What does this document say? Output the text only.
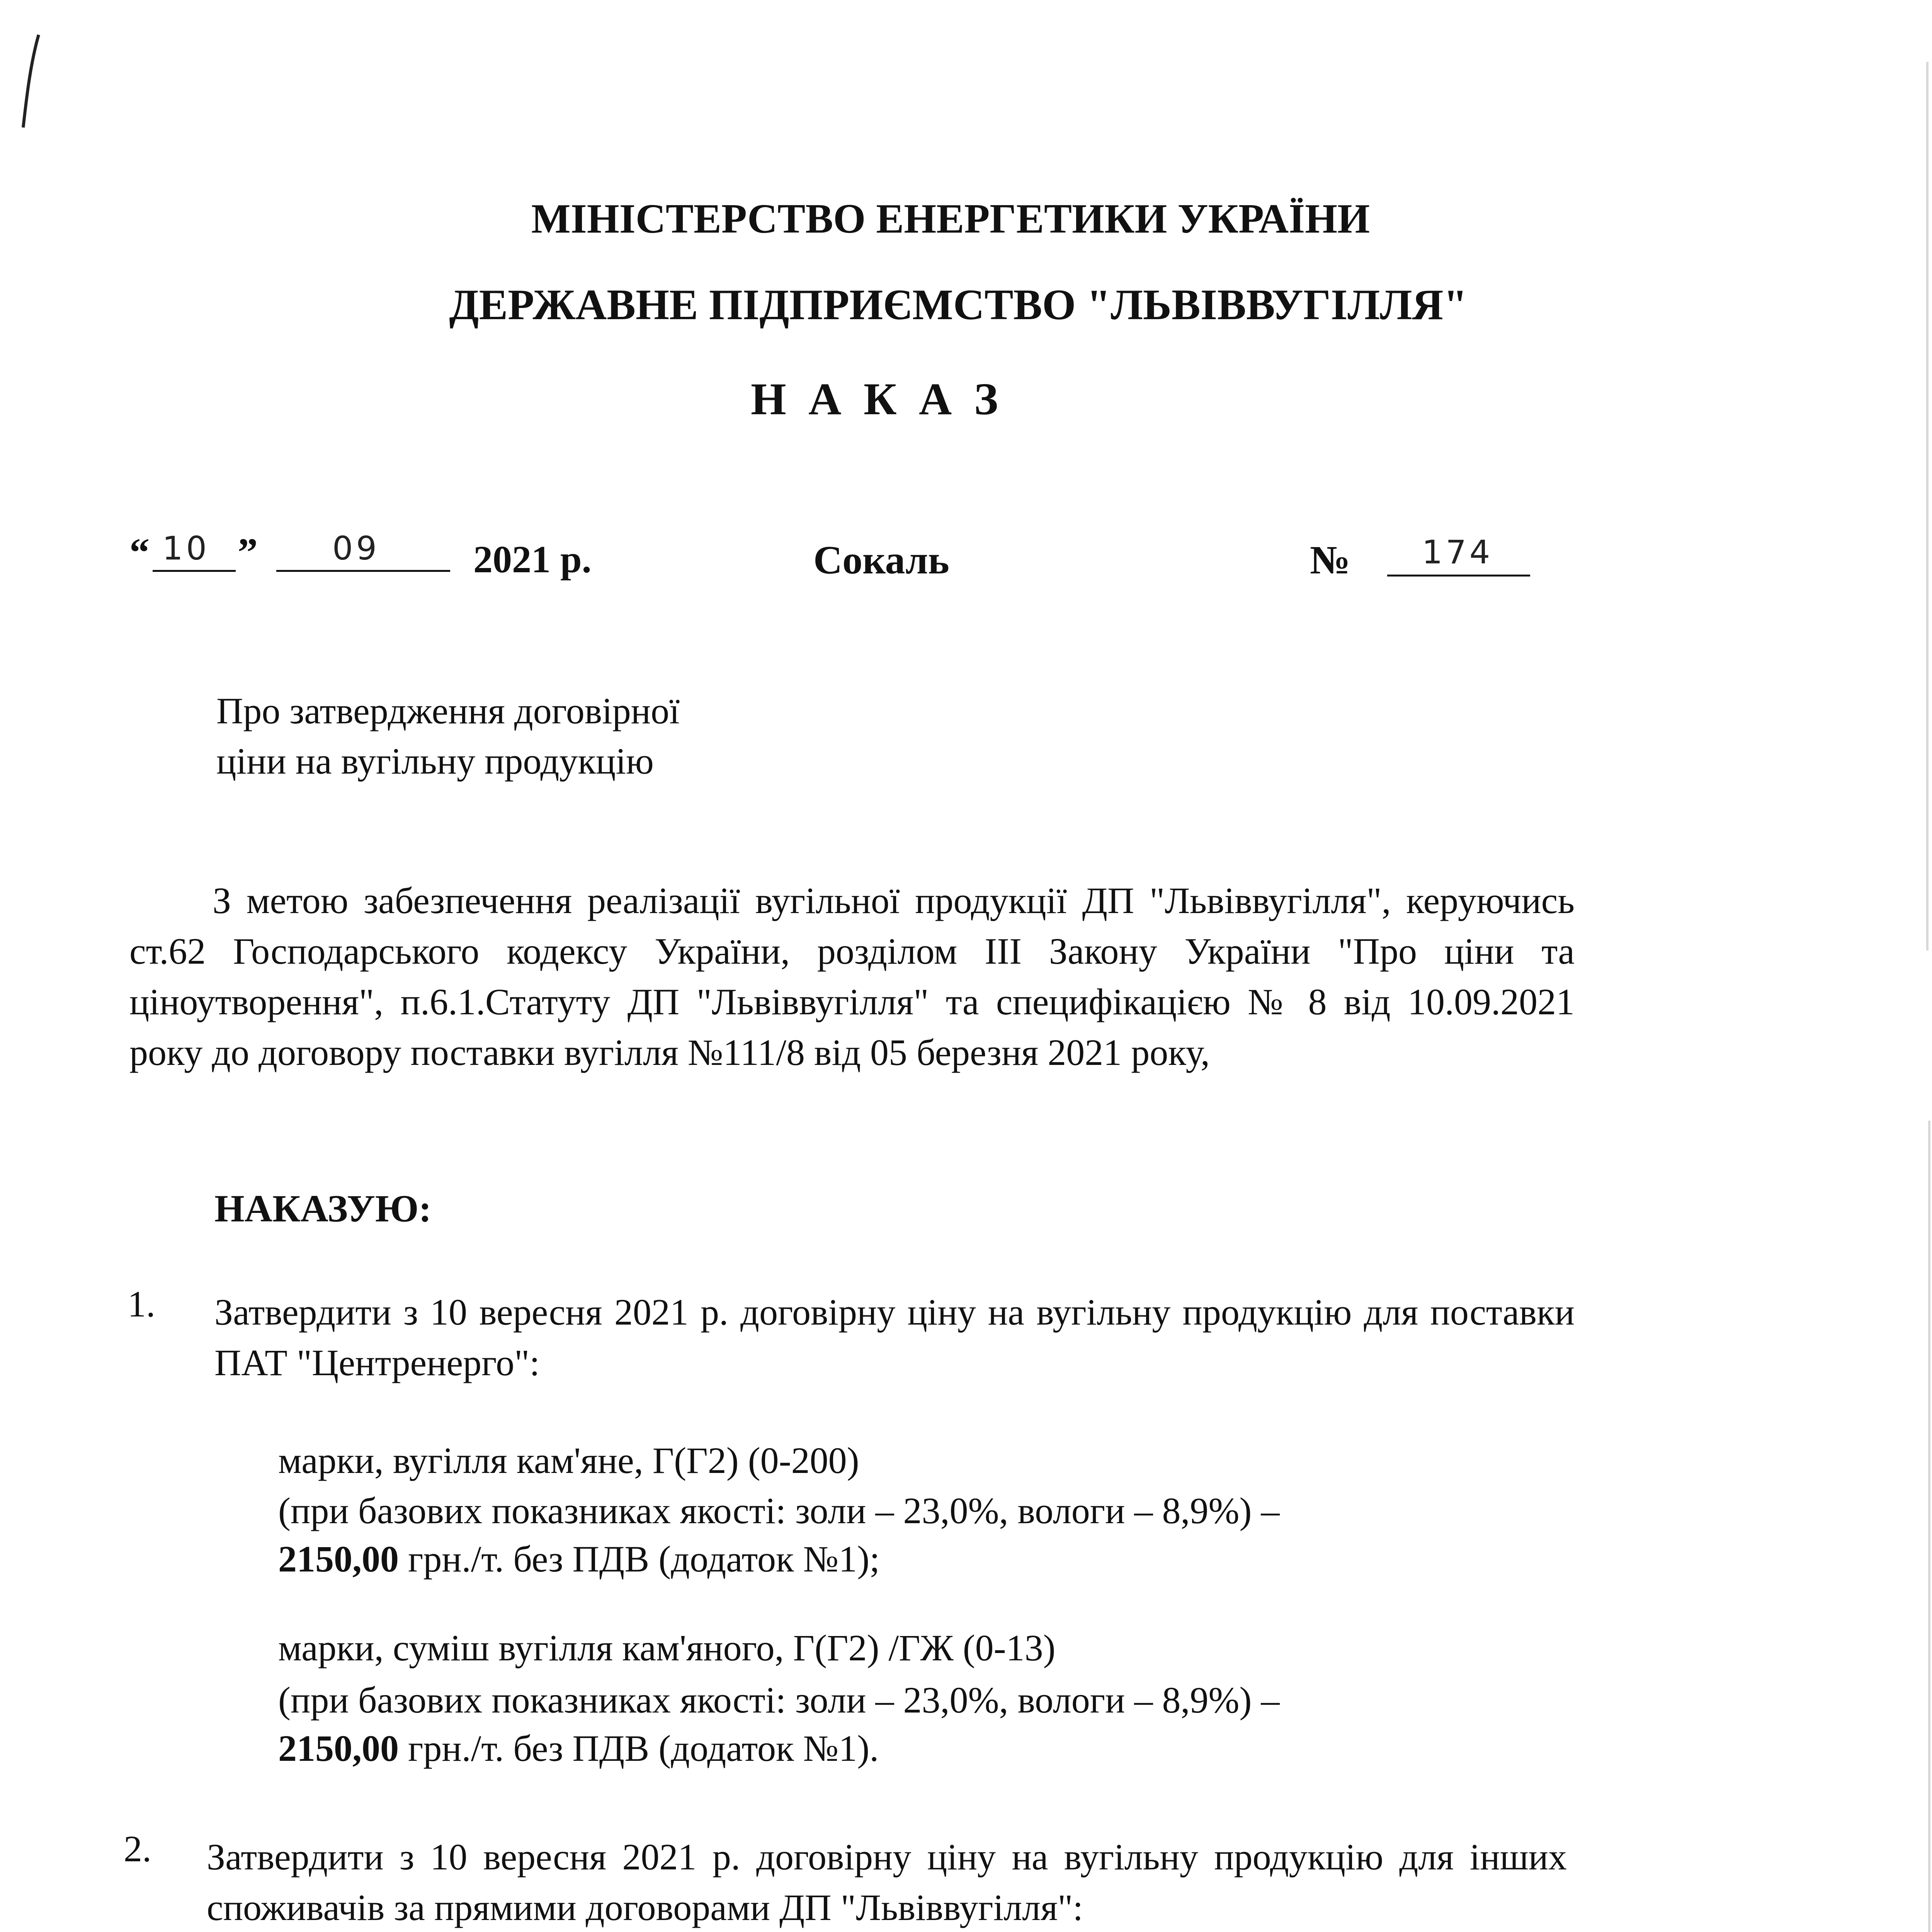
МІНІСТЕРСТВО ЕНЕРГЕТИКИ УКРАЇНИ
ДЕРЖАВНЕ ПІДПРИЄМСТВО "ЛЬВІВВУГІЛЛЯ"
Н А К А З
“ 10 ” 09 2021 р.	Сокаль	№ 174
Про затвердження договірної
ціни на вугільну продукцію
З метою забезпечення реалізації вугільної продукції ДП "Львіввугілля", керуючись ст.62 Господарського кодексу України, розділом ІІІ Закону України "Про ціни та ціноутворення", п.6.1.Статуту ДП "Львіввугілля" та специфікацією № 8 від 10.09.2021 року до договору поставки вугілля №111/8 від 05 березня 2021 року,
НАКАЗУЮ:
1. Затвердити з 10 вересня 2021 р. договірну ціну на вугільну продукцію для поставки ПАТ "Центренерго":
марки, вугілля кам'яне, Г(Г2) (0-200)
(при базових показниках якості: золи – 23,0%, вологи – 8,9%) –
2150,00 грн./т. без ПДВ (додаток №1);
марки, суміш вугілля кам'яного, Г(Г2) /ГЖ (0-13)
(при базових показниках якості: золи – 23,0%, вологи – 8,9%) –
2150,00 грн./т. без ПДВ (додаток №1).
2. Затвердити з 10 вересня 2021 р. договірну ціну на вугільну продукцію для інших споживачів за прямими договорами ДП "Львіввугілля":
